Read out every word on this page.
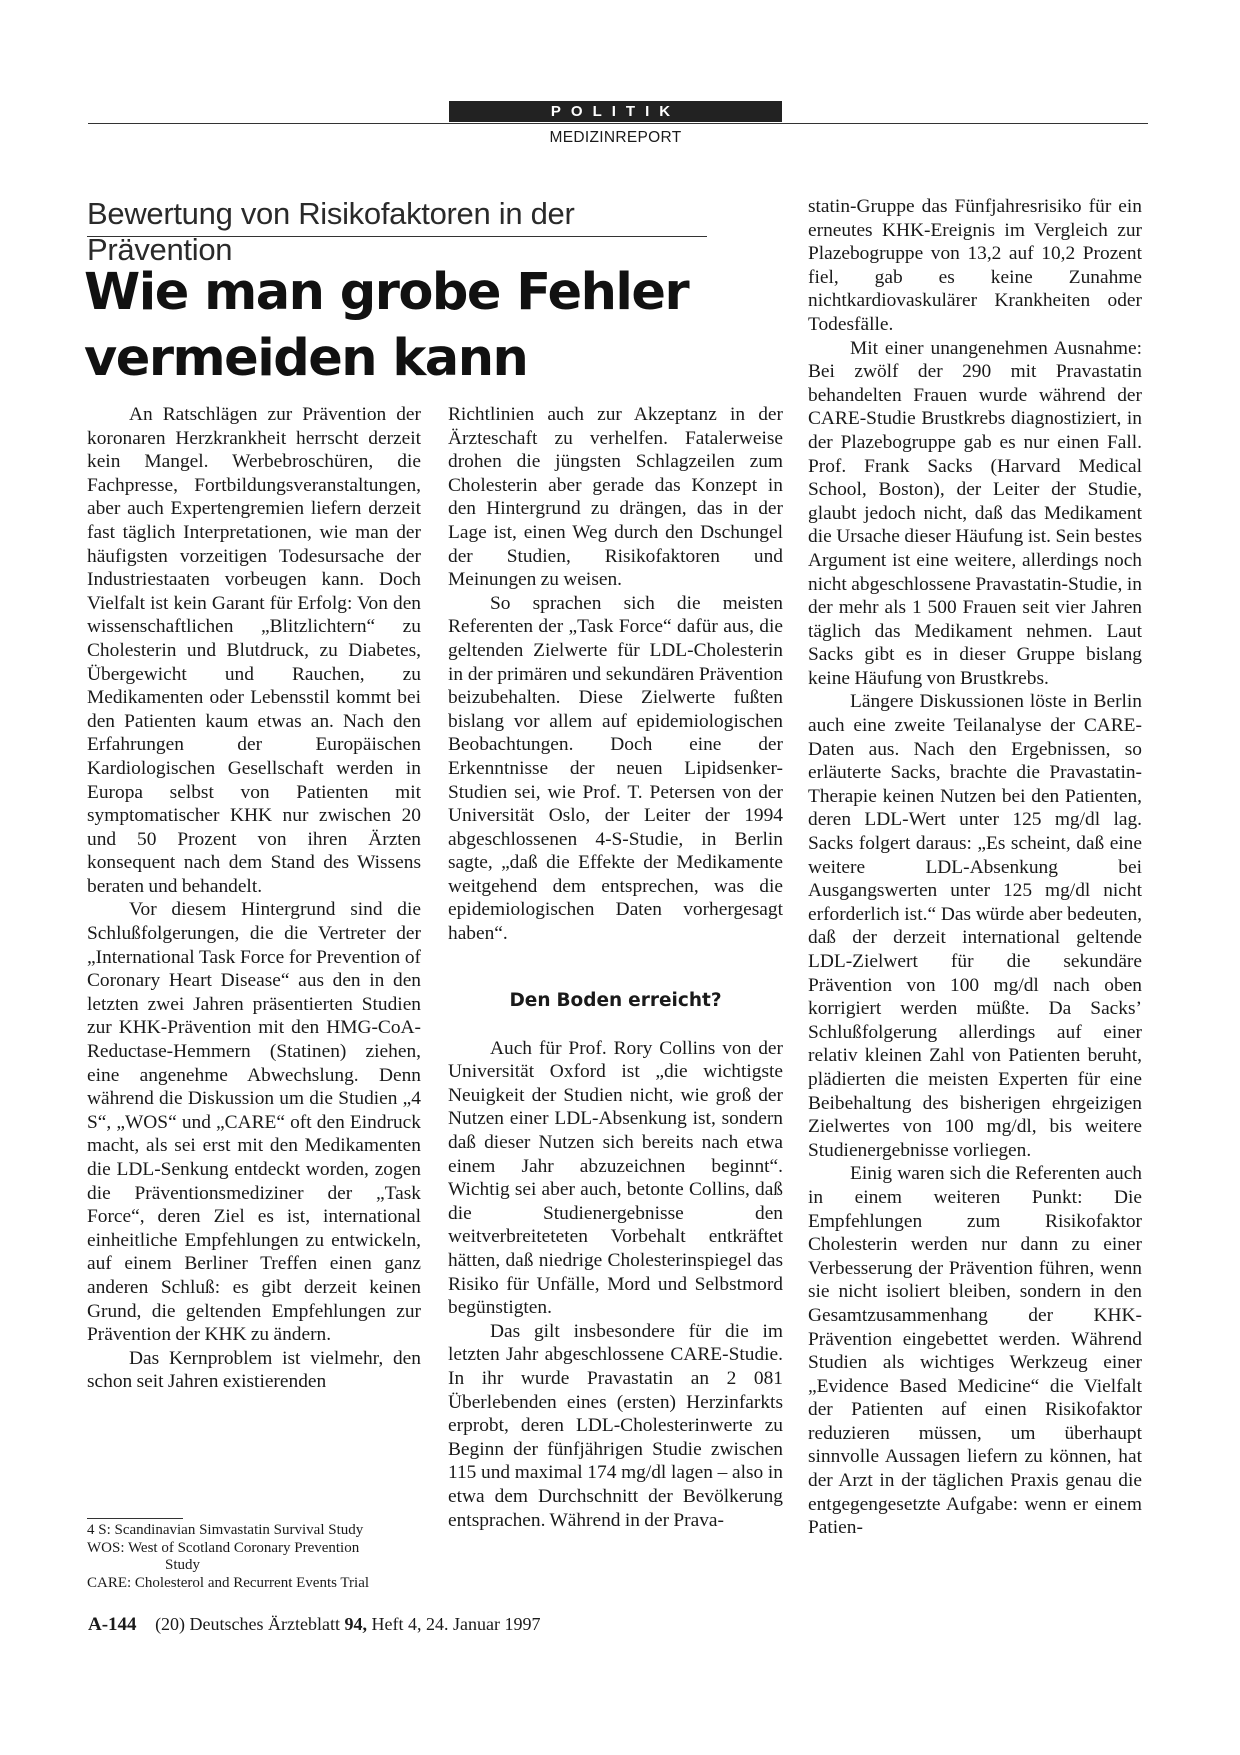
POLITIK
MEDIZINREPORT
Bewertung von Risikofaktoren in der Prävention
Wie man grobe Fehler
vermeiden kann

An Ratschlägen zur Prävention der koronaren Herzkrankheit herrscht derzeit kein Mangel. Werbebroschüren, die Fachpresse, Fortbildungsveranstaltungen, aber auch Expertengremien liefern derzeit fast täglich Interpretationen, wie man der häufigsten vorzeitigen Todesursache der Industriestaaten vorbeugen kann. Doch Vielfalt ist kein Garant für Erfolg: Von den wissenschaftlichen „Blitzlichtern“ zu Cholesterin und Blutdruck, zu Diabetes, Übergewicht und Rauchen, zu Medikamenten oder Lebensstil kommt bei den Patienten kaum etwas an. Nach den Erfahrungen der Europäischen Kardiologischen Gesellschaft werden in Europa selbst von Patienten mit symptomatischer KHK nur zwischen 20 und 50 Prozent von ihren Ärzten konsequent nach dem Stand des Wissens beraten und behandelt.

Vor diesem Hintergrund sind die Schlußfolgerungen, die die Vertreter der „International Task Force for Prevention of Coronary Heart Disease“ aus den in den letzten zwei Jahren präsentierten Studien zur KHK-Prävention mit den HMG-CoA-Reductase-Hemmern (Statinen) ziehen, eine angenehme Abwechslung. Denn während die Diskussion um die Studien „4 S“, „WOS“ und „CARE“ oft den Eindruck macht, als sei erst mit den Medikamenten die LDL-Senkung entdeckt worden, zogen die Präventionsmediziner der „Task Force“, deren Ziel es ist, international einheitliche Empfehlungen zu entwickeln, auf einem Berliner Treffen einen ganz anderen Schluß: es gibt derzeit keinen Grund, die geltenden Empfehlungen zur Prävention der KHK zu ändern.

Das Kernproblem ist vielmehr, den schon seit Jahren existierenden

Richtlinien auch zur Akzeptanz in der Ärzteschaft zu verhelfen. Fatalerweise drohen die jüngsten Schlagzeilen zum Cholesterin aber gerade das Konzept in den Hintergrund zu drängen, das in der Lage ist, einen Weg durch den Dschungel der Studien, Risikofaktoren und Meinungen zu weisen.

So sprachen sich die meisten Referenten der „Task Force“ dafür aus, die geltenden Zielwerte für LDL-Cholesterin in der primären und sekundären Prävention beizubehalten. Diese Zielwerte fußten bislang vor allem auf epidemiologischen Beobachtungen. Doch eine der Erkenntnisse der neuen Lipidsenker-Studien sei, wie Prof. T. Petersen von der Universität Oslo, der Leiter der 1994 abgeschlossenen 4-S-Studie, in Berlin sagte, „daß die Effekte der Medikamente weitgehend dem entsprechen, was die epidemiologischen Daten vorhergesagt haben“.

Den Boden erreicht?

Auch für Prof. Rory Collins von der Universität Oxford ist „die wichtigste Neuigkeit der Studien nicht, wie groß der Nutzen einer LDL-Absenkung ist, sondern daß dieser Nutzen sich bereits nach etwa einem Jahr abzuzeichnen beginnt“. Wichtig sei aber auch, betonte Collins, daß die Studienergebnisse den weitverbreiteteten Vorbehalt entkräftet hätten, daß niedrige Cholesterinspiegel das Risiko für Unfälle, Mord und Selbstmord begünstigten.

Das gilt insbesondere für die im letzten Jahr abgeschlossene CARE-Studie. In ihr wurde Pravastatin an 2 081 Überlebenden eines (ersten) Herzinfarkts erprobt, deren LDL-Cholesterinwerte zu Beginn der fünfjährigen Studie zwischen 115 und maximal 174 mg/dl lagen – also in etwa dem Durchschnitt der Bevölkerung entsprachen. Während in der Prava-

statin-Gruppe das Fünfjahresrisiko für ein erneutes KHK-Ereignis im Vergleich zur Plazebogruppe von 13,2 auf 10,2 Prozent fiel, gab es keine Zunahme nichtkardiovaskulärer Krankheiten oder Todesfälle.

Mit einer unangenehmen Ausnahme: Bei zwölf der 290 mit Pravastatin behandelten Frauen wurde während der CARE-Studie Brustkrebs diagnostiziert, in der Plazebogruppe gab es nur einen Fall. Prof. Frank Sacks (Harvard Medical School, Boston), der Leiter der Studie, glaubt jedoch nicht, daß das Medikament die Ursache dieser Häufung ist. Sein bestes Argument ist eine weitere, allerdings noch nicht abgeschlossene Pravastatin-Studie, in der mehr als 1 500 Frauen seit vier Jahren täglich das Medikament nehmen. Laut Sacks gibt es in dieser Gruppe bislang keine Häufung von Brustkrebs.

Längere Diskussionen löste in Berlin auch eine zweite Teilanalyse der CARE-Daten aus. Nach den Ergebnissen, so erläuterte Sacks, brachte die Pravastatin-Therapie keinen Nutzen bei den Patienten, deren LDL-Wert unter 125 mg/dl lag. Sacks folgert daraus: „Es scheint, daß eine weitere LDL-Absenkung bei Ausgangswerten unter 125 mg/dl nicht erforderlich ist.“ Das würde aber bedeuten, daß der derzeit international geltende LDL-Zielwert für die sekundäre Prävention von 100 mg/dl nach oben korrigiert werden müßte. Da Sacks’ Schlußfolgerung allerdings auf einer relativ kleinen Zahl von Patienten beruht, plädierten die meisten Experten für eine Beibehaltung des bisherigen ehrgeizigen Zielwertes von 100 mg/dl, bis weitere Studienergebnisse vorliegen.

Einig waren sich die Referenten auch in einem weiteren Punkt: Die Empfehlungen zum Risikofaktor Cholesterin werden nur dann zu einer Verbesserung der Prävention führen, wenn sie nicht isoliert bleiben, sondern in den Gesamtzusammenhang der KHK-Prävention eingebettet werden. Während Studien als wichtiges Werkzeug einer „Evidence Based Medicine“ die Vielfalt der Patienten auf einen Risikofaktor reduzieren müssen, um überhaupt sinnvolle Aussagen liefern zu können, hat der Arzt in der täglichen Praxis genau die entgegengesetzte Aufgabe: wenn er einem Patien-

4 S: Scandinavian Simvastatin Survival Study
WOS: West of Scotland Coronary Prevention
Study
CARE: Cholesterol and Recurrent Events Trial
A-144 (20) Deutsches Ärzteblatt 94, Heft 4, 24. Januar 1997
